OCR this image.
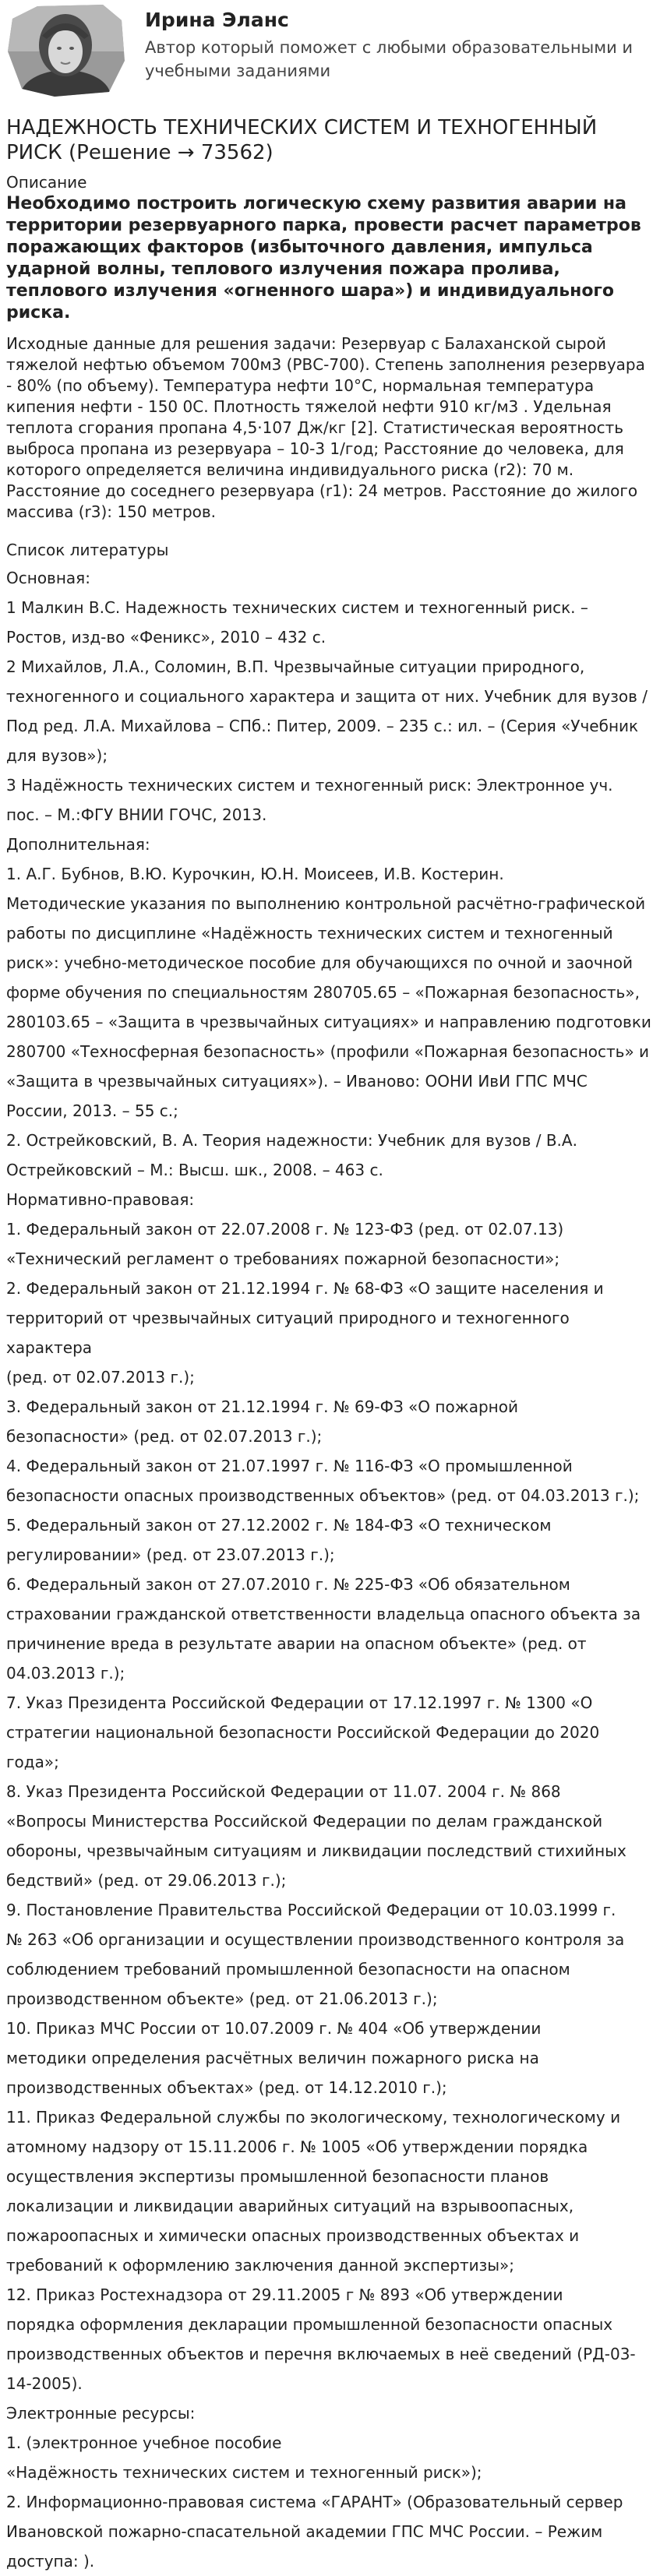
Ирина Эланс
Автор который поможет с любыми образовательными и учебными заданиями
НАДЕЖНОСТЬ ТЕХНИЧЕСКИХ СИСТЕМ И ТЕХНОГЕННЫЙ РИСК (Решение → 73562)
Описание
Необходимо построить логическую схему развития аварии на территории резервуарного парка, провести расчет параметров поражающих факторов (избыточного давления, импульса ударной волны, теплового излучения пожара пролива, теплового излучения «огненного шара») и индивидуального риска.
Исходные данные для решения задачи: Резервуар с Балаханской сырой тяжелой нефтью объемом 700м3 (РВС-700). Степень заполнения резервуара - 80% (по объему). Температура нефти 10°С, нормальная температура кипения нефти - 150 0С. Плотность тяжелой нефти 910 кг/м3 . Удельная теплота сгорания пропана 4,5·107 Дж/кг [2]. Статистическая вероятность выброса пропана из резервуара – 10-3 1/год; Расстояние до человека, для которого определяется величина индивидуального риска (r2): 70 м. Расстояние до соседнего резервуара (r1): 24 метров. Расстояние до жилого массива (r3): 150 метров.

Список литературы

Основная:

1 Малкин В.С. Надежность технических систем и техногенный риск. –

Ростов, изд-во «Феникс», 2010 – 432 с.

2 Михайлов, Л.А., Соломин, В.П. Чрезвычайные ситуации природного,

техногенного и социального характера и защита от них. Учебник для вузов / Под ред. Л.А. Михайлова – СПб.: Питер, 2009. – 235 с.: ил. – (Серия «Учебник для вузов»);

3 Надёжность технических систем и техногенный риск: Электронное уч.

пос. – М.:ФГУ ВНИИ ГОЧС, 2013.

Дополнительная:

1. А.Г. Бубнов, В.Ю. Курочкин, Ю.Н. Моисеев, И.В. Костерин.

Методические указания по выполнению контрольной расчётно-графической

работы по дисциплине «Надёжность технических систем и техногенный

риск»: учебно-методическое пособие для обучающихся по очной и заочной

форме обучения по специальностям 280705.65 – «Пожарная безопасность»,

280103.65 – «Защита в чрезвычайных ситуациях» и направлению подготовки

280700 «Техносферная безопасность» (профили «Пожарная безопасность» и

«Защита в чрезвычайных ситуациях»). – Иваново: ООНИ ИвИ ГПС МЧС

России, 2013. – 55 с.;

2. Острейковский, В. А. Теория надежности: Учебник для вузов / В.А.

Острейковский – М.: Высш. шк., 2008. – 463 с.

Нормативно-правовая:

1. Федеральный закон от 22.07.2008 г. № 123-ФЗ (ред. от 02.07.13)

«Технический регламент о требованиях пожарной безопасности»;

2. Федеральный закон от 21.12.1994 г. № 68-ФЗ «О защите населения и

территорий от чрезвычайных ситуаций природного и техногенного характера

(ред. от 02.07.2013 г.);

3. Федеральный закон от 21.12.1994 г. № 69-ФЗ «О пожарной

безопасности» (ред. от 02.07.2013 г.);

4. Федеральный закон от 21.07.1997 г. № 116-ФЗ «О промышленной

безопасности опасных производственных объектов» (ред. от 04.03.2013 г.);

5. Федеральный закон от 27.12.2002 г. № 184-ФЗ «О техническом

регулировании» (ред. от 23.07.2013 г.);

6. Федеральный закон от 27.07.2010 г. № 225-ФЗ «Об обязательном

страховании гражданской ответственности владельца опасного объекта за

причинение вреда в результате аварии на опасном объекте» (ред. от

04.03.2013 г.);

7. Указ Президента Российской Федерации от 17.12.1997 г. № 1300 «О

стратегии национальной безопасности Российской Федерации до 2020 года»;

8. Указ Президента Российской Федерации от 11.07. 2004 г. № 868

«Вопросы Министерства Российской Федерации по делам гражданской

обороны, чрезвычайным ситуациям и ликвидации последствий стихийных

бедствий» (ред. от 29.06.2013 г.);

9. Постановление Правительства Российской Федерации от 10.03.1999 г.

№ 263 «Об организации и осуществлении производственного контроля за

соблюдением требований промышленной безопасности на опасном

производственном объекте» (ред. от 21.06.2013 г.);

10. Приказ МЧС России от 10.07.2009 г. № 404 «Об утверждении

методики определения расчётных величин пожарного риска на

производственных объектах» (ред. от 14.12.2010 г.);

11. Приказ Федеральной службы по экологическому, технологическому и

атомному надзору от 15.11.2006 г. № 1005 «Об утверждении порядка

осуществления экспертизы промышленной безопасности планов

локализации и ликвидации аварийных ситуаций на взрывоопасных,

пожароопасных и химически опасных производственных объектах и

требований к оформлению заключения данной экспертизы»;

12. Приказ Ростехнадзора от 29.11.2005 г № 893 «Об утверждении

порядка оформления декларации промышленной безопасности опасных

производственных объектов и перечня включаемых в неё сведений (РД-03-14-2005).

Электронные ресурсы:

1. (электронное учебное пособие

«Надёжность технических систем и техногенный риск»);

2. Информационно-правовая система «ГАРАНТ» (Образовательный сервер

Ивановской пожарно-спасательной академии ГПС МЧС России. – Режим

доступа: ).
